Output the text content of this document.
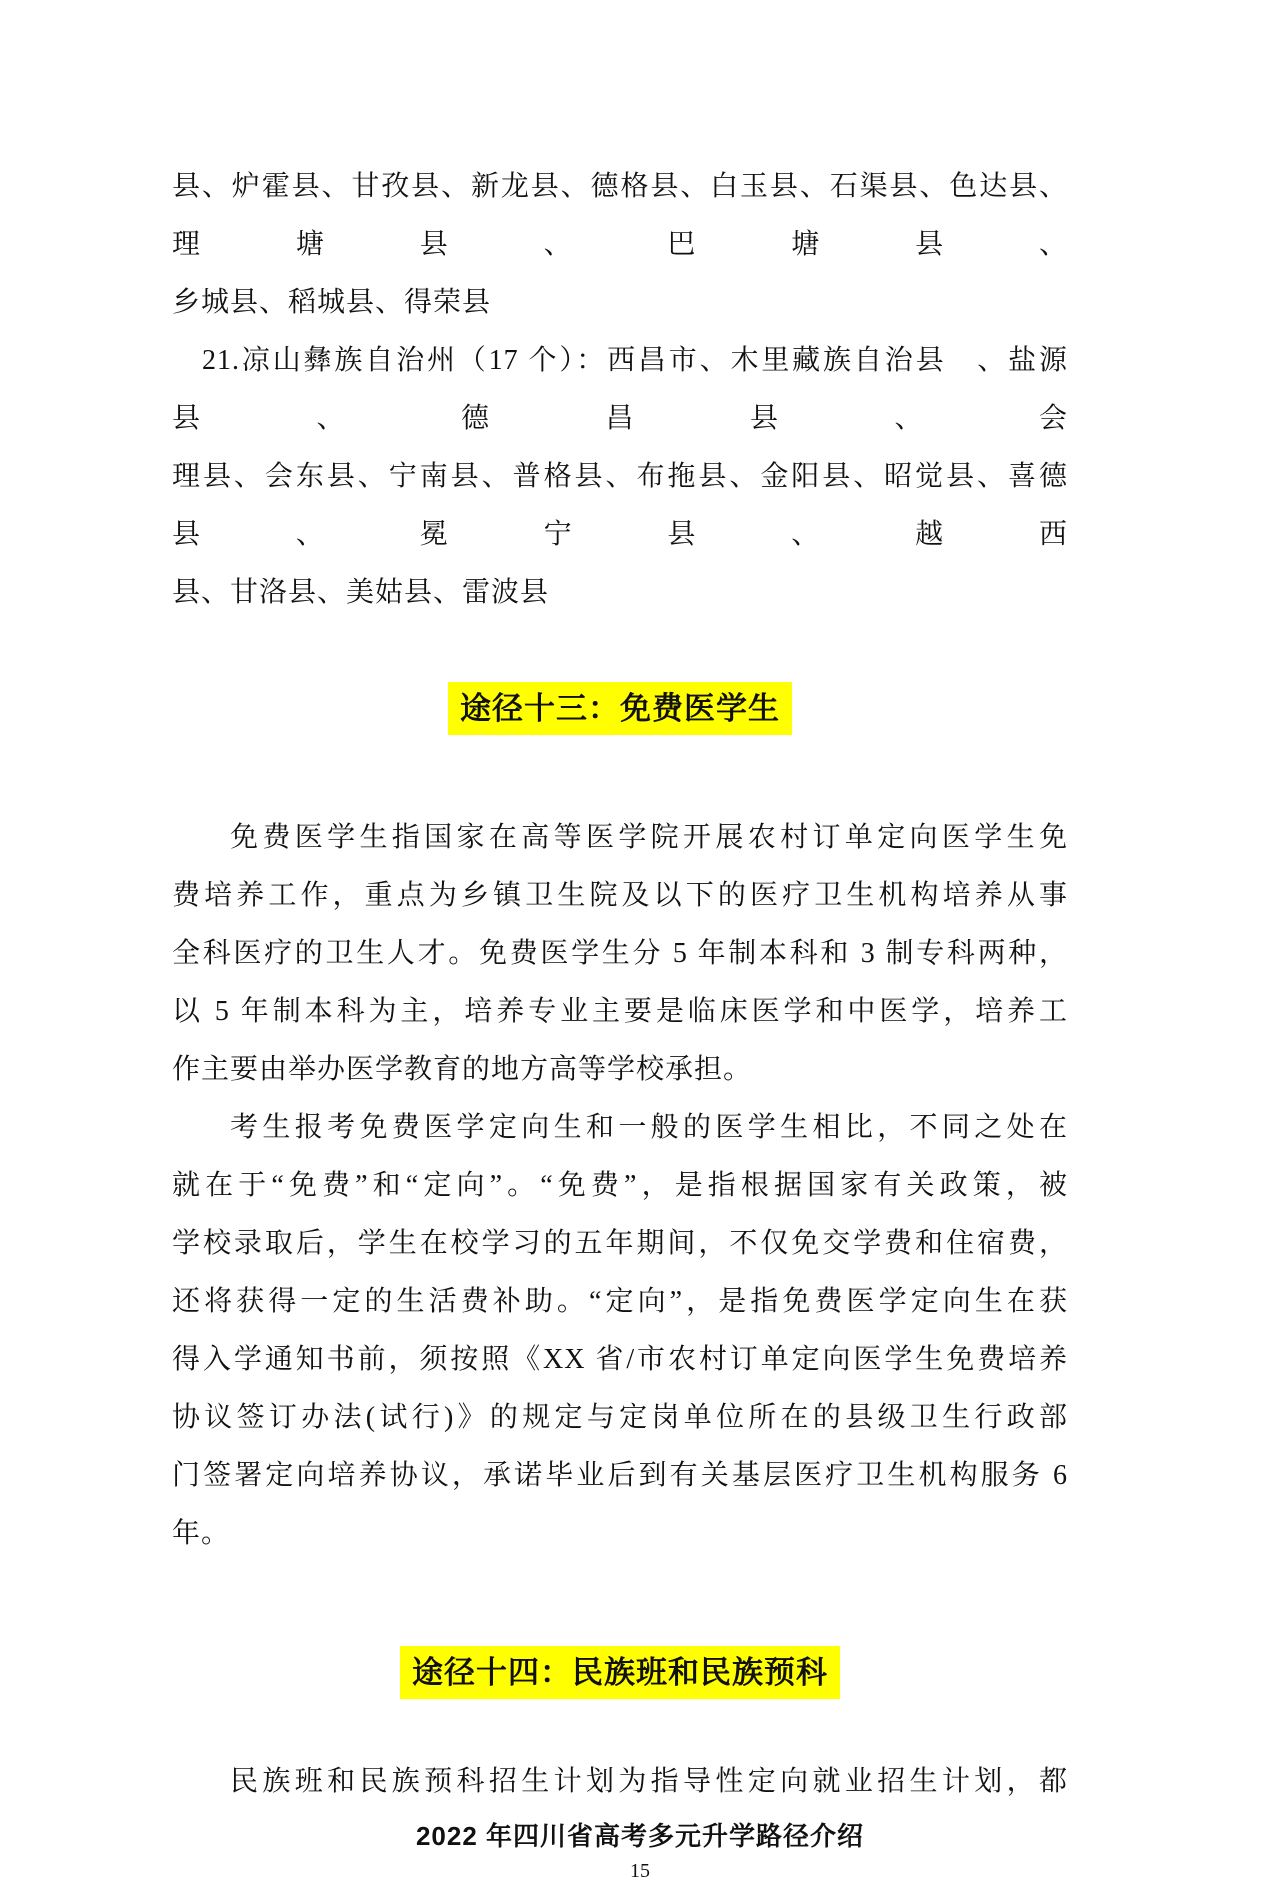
县、炉霍县、甘孜县、新龙县、德格县、白玉县、石渠县、色达县、理塘县、巴塘县、
乡城县、稻城县、得荣县
21.凉山彝族自治州（17 个）：西昌市、木里藏族自治县　、盐源县、德昌县、会
理县、会东县、宁南县、普格县、布拖县、金阳县、昭觉县、喜德县、冕宁县、越西
县、甘洛县、美姑县、雷波县
途径十三：免费医学生
免费医学生指国家在高等医学院开展农村订单定向医学生免
费培养工作，重点为乡镇卫生院及以下的医疗卫生机构培养从事
全科医疗的卫生人才。免费医学生分 5 年制本科和 3 制专科两种，
以 5 年制本科为主，培养专业主要是临床医学和中医学，培养工
作主要由举办医学教育的地方高等学校承担。
考生报考免费医学定向生和一般的医学生相比，不同之处在
就在于“免费”和“定向”。“免费”，是指根据国家有关政策，被
学校录取后，学生在校学习的五年期间，不仅免交学费和住宿费，
还将获得一定的生活费补助。“定向”，是指免费医学定向生在获
得入学通知书前，须按照《XX 省/市农村订单定向医学生免费培养
协议签订办法(试行)》的规定与定岗单位所在的县级卫生行政部
门签署定向培养协议，承诺毕业后到有关基层医疗卫生机构服务 6
年。
途径十四：民族班和民族预科
民族班和民族预科招生计划为指导性定向就业招生计划，都
2022 年四川省高考多元升学路径介绍
15
